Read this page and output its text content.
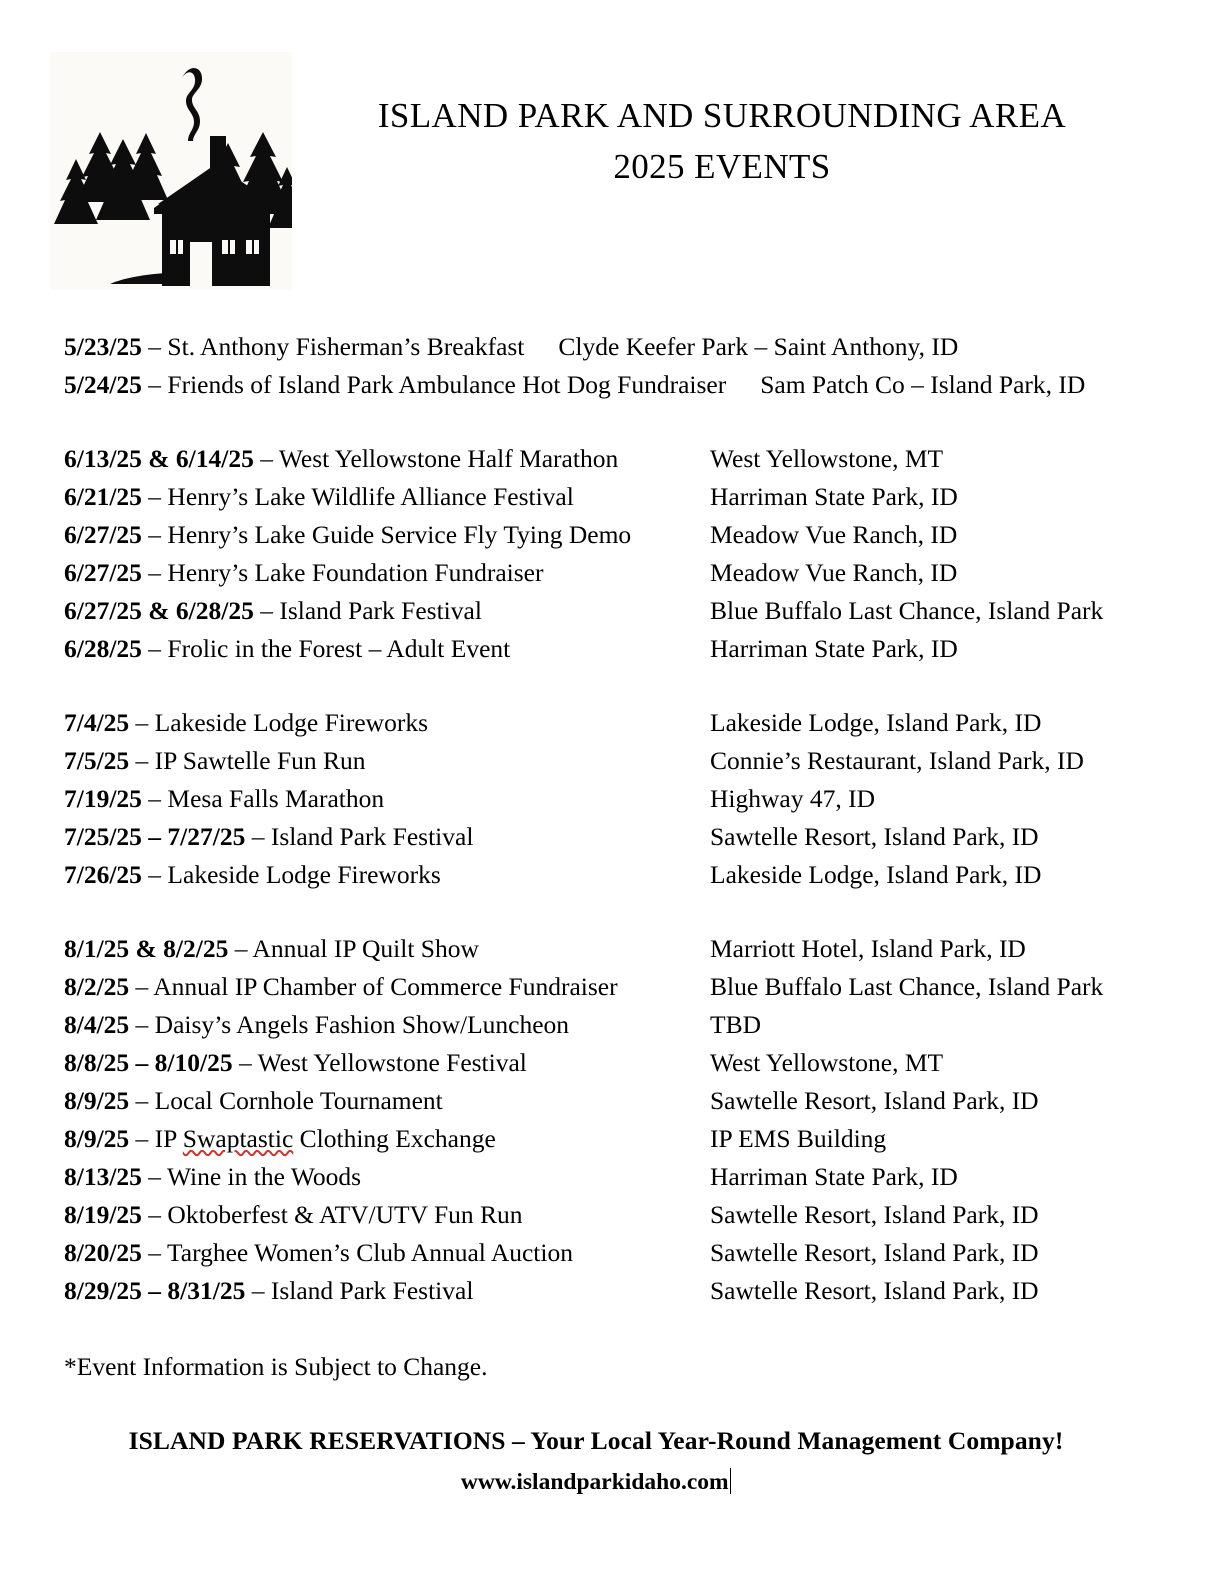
ISLAND PARK AND SURROUNDING AREA
2025 EVENTS
5/23/25 – St. Anthony Fisherman’s Breakfast	Clyde Keefer Park – Saint Anthony, ID
5/24/25 – Friends of Island Park Ambulance Hot Dog Fundraiser	Sam Patch Co – Island Park, ID
6/13/25 & 6/14/25 – West Yellowstone Half Marathon	West Yellowstone, MT
6/21/25 – Henry’s Lake Wildlife Alliance Festival	Harriman State Park, ID
6/27/25 – Henry’s Lake Guide Service Fly Tying Demo	Meadow Vue Ranch, ID
6/27/25 – Henry’s Lake Foundation Fundraiser	Meadow Vue Ranch, ID
6/27/25 & 6/28/25 – Island Park Festival	Blue Buffalo Last Chance, Island Park
6/28/25 – Frolic in the Forest – Adult Event	Harriman State Park, ID
7/4/25 – Lakeside Lodge Fireworks	Lakeside Lodge, Island Park, ID
7/5/25 – IP Sawtelle Fun Run	Connie’s Restaurant, Island Park, ID
7/19/25 – Mesa Falls Marathon	Highway 47, ID
7/25/25 – 7/27/25 – Island Park Festival	Sawtelle Resort, Island Park, ID
7/26/25 – Lakeside Lodge Fireworks	Lakeside Lodge, Island Park, ID
8/1/25 & 8/2/25 – Annual IP Quilt Show	Marriott Hotel, Island Park, ID
8/2/25 – Annual IP Chamber of Commerce Fundraiser	Blue Buffalo Last Chance, Island Park
8/4/25 – Daisy’s Angels Fashion Show/Luncheon	TBD
8/8/25 – 8/10/25 – West Yellowstone Festival	West Yellowstone, MT
8/9/25 – Local Cornhole Tournament	Sawtelle Resort, Island Park, ID
8/9/25 – IP Swaptastic Clothing Exchange	IP EMS Building
8/13/25 – Wine in the Woods	Harriman State Park, ID
8/19/25 – Oktoberfest & ATV/UTV Fun Run	Sawtelle Resort, Island Park, ID
8/20/25 – Targhee Women’s Club Annual Auction	Sawtelle Resort, Island Park, ID
8/29/25 – 8/31/25 – Island Park Festival	Sawtelle Resort, Island Park, ID
*Event Information is Subject to Change.
ISLAND PARK RESERVATIONS – Your Local Year-Round Management Company!
www.islandparkidaho.com
